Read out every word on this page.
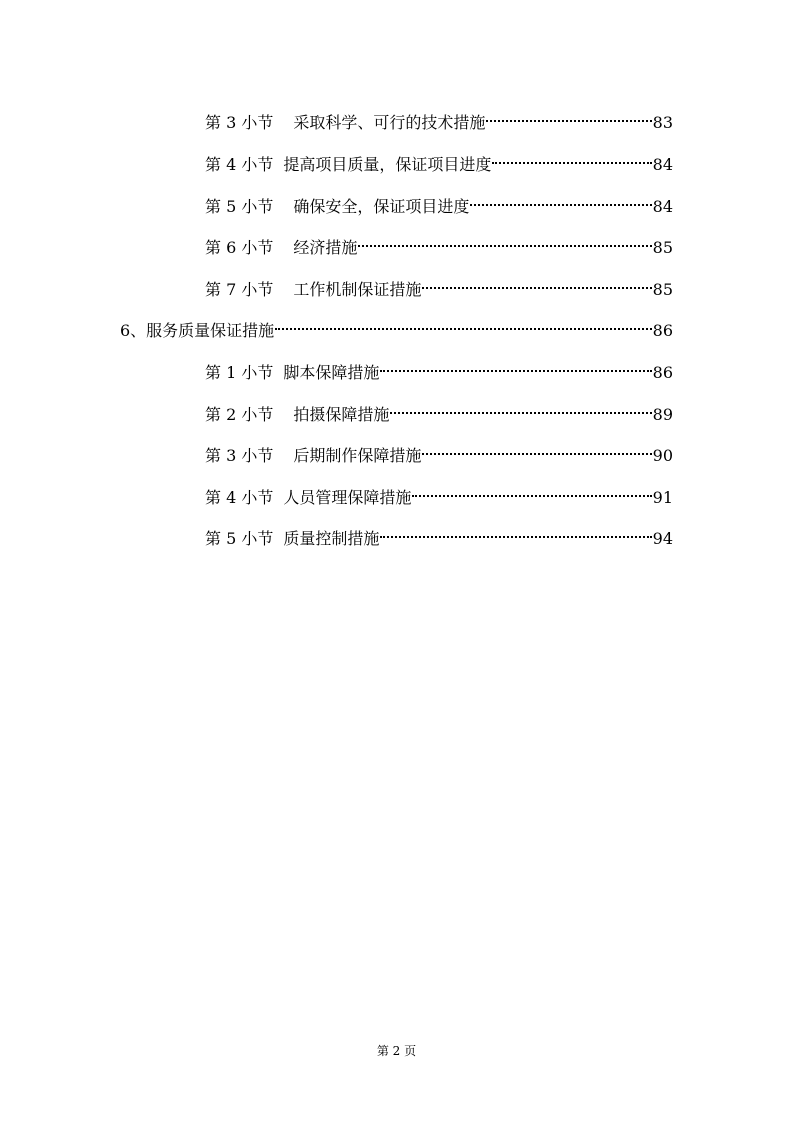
第 3 小节 采取科学、可行的技术措施	83
第 4 小节 提高项目质量，保证项目进度	84
第 5 小节 确保安全，保证项目进度	84
第 6 小节 经济措施	85
第 7 小节 工作机制保证措施	85
6、服务质量保证措施	86
第 1 小节 脚本保障措施	86
第 2 小节 拍摄保障措施	89
第 3 小节 后期制作保障措施	90
第 4 小节 人员管理保障措施	91
第 5 小节 质量控制措施	94
第 2 页
